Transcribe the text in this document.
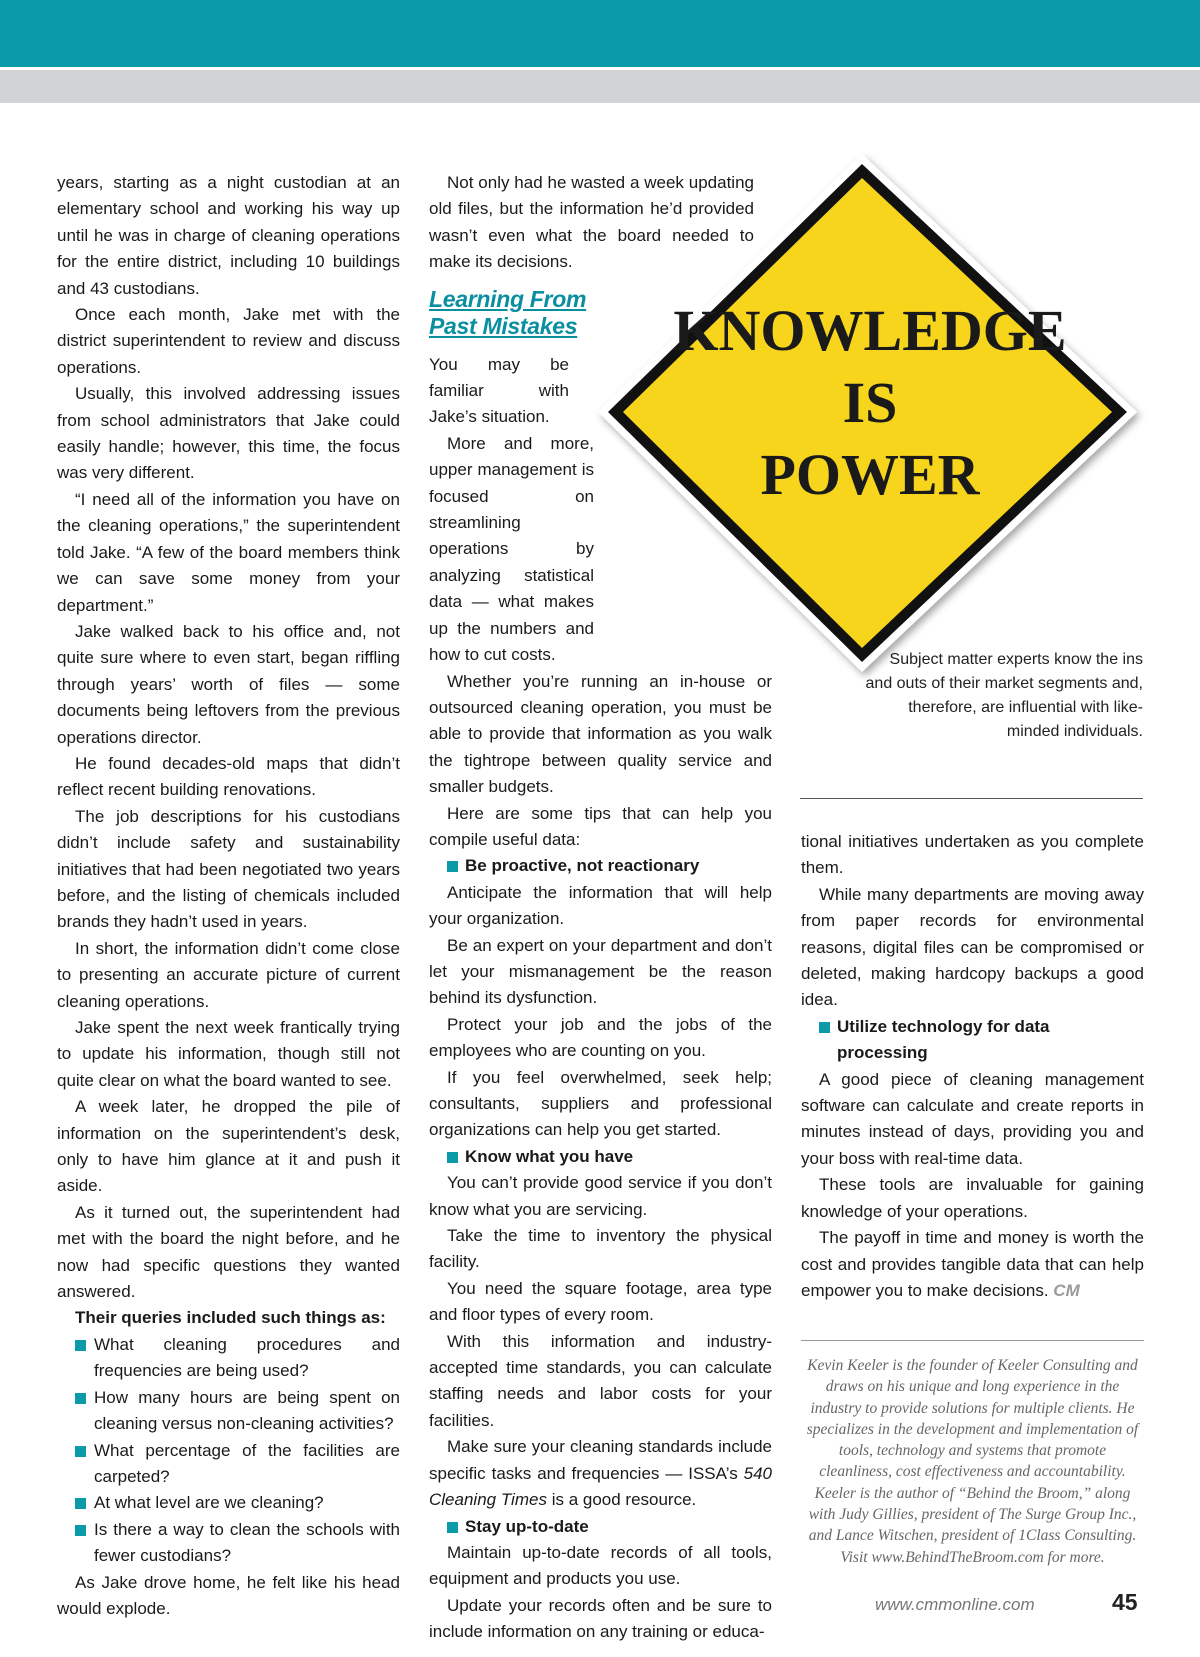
years, starting as a night custodian at an elementary school and working his way up until he was in charge of cleaning operations for the entire district, including 10 buildings and 43 custodians.

Once each month, Jake met with the district superintendent to review and discuss operations.

Usually, this involved addressing issues from school administrators that Jake could easily handle; however, this time, the focus was very different.

“I need all of the information you have on the cleaning operations,” the superintendent told Jake. “A few of the board members think we can save some money from your department.”

Jake walked back to his office and, not quite sure where to even start, began riffling through years’ worth of files — some documents being leftovers from the previous operations director.

He found decades-old maps that didn’t reflect recent building renovations.

The job descriptions for his custodians didn’t include safety and sustainability initiatives that had been negotiated two years before, and the listing of chemicals included brands they hadn’t used in years.

In short, the information didn’t come close to presenting an accurate picture of current cleaning operations.

Jake spent the next week frantically trying to update his information, though still not quite clear on what the board wanted to see.

A week later, he dropped the pile of information on the superintendent’s desk, only to have him glance at it and push it aside.

As it turned out, the superintendent had met with the board the night before, and he now had specific questions they wanted answered.

Their queries included such things as:

What cleaning procedures and frequencies are being used?
How many hours are being spent on cleaning versus non-cleaning activities?
What percentage of the facilities are carpeted?
At what level are we cleaning?
Is there a way to clean the schools with fewer custodians?

As Jake drove home, he felt like his head would explode.

Not only had he wasted a week updating old files, but the information he’d provided wasn’t even what the board needed to make its decisions.

Learning From
Past Mistakes

You may be familiar with Jake’s situation.

More and more, upper management is focused on streamlining operations by analyzing statistical data — what makes up the numbers and how to cut costs.

Whether you’re running an in-house or outsourced cleaning operation, you must be able to provide that information as you walk the tightrope between quality service and smaller budgets.

Here are some tips that can help you compile useful data:

Be proactive, not reactionary

Anticipate the information that will help your organization.

Be an expert on your department and don’t let your mismanagement be the reason behind its dysfunction.

Protect your job and the jobs of the employees who are counting on you.

If you feel overwhelmed, seek help; consultants, suppliers and professional organizations can help you get started.

Know what you have

You can’t provide good service if you don’t know what you are servicing.

Take the time to inventory the physical facility.

You need the square footage, area type and floor types of every room.

With this information and industry-accepted time standards, you can calculate staffing needs and labor costs for your facilities.

Make sure your cleaning standards include specific tasks and frequencies — ISSA’s 540 Cleaning Times is a good resource.

Stay up-to-date

Maintain up-to-date records of all tools, equipment and products you use.

Update your records often and be sure to include information on any training or educa-

KNOWLEDGE
IS
POWER
Subject matter experts know the ins and outs of their market segments and, therefore, are influential with like-minded individuals.

tional initiatives undertaken as you complete them.

While many departments are moving away from paper records for environmental reasons, digital files can be compromised or deleted, making hardcopy backups a good idea.

Utilize technology for data processing

A good piece of cleaning management software can calculate and create reports in minutes instead of days, providing you and your boss with real-time data.

These tools are invaluable for gaining knowledge of your operations.

The payoff in time and money is worth the cost and provides tangible data that can help empower you to make decisions. CM

Kevin Keeler is the founder of Keeler Consulting and draws on his unique and long experience in the industry to provide solutions for multiple clients. He specializes in the development and implementation of tools, technology and systems that promote cleanliness, cost effectiveness and accountability. Keeler is the author of “Behind the Broom,” along with Judy Gillies, president of The Surge Group Inc., and Lance Witschen, president of 1Class Consulting. Visit www.BehindTheBroom.com for more.
www.cmmonline.com	45
